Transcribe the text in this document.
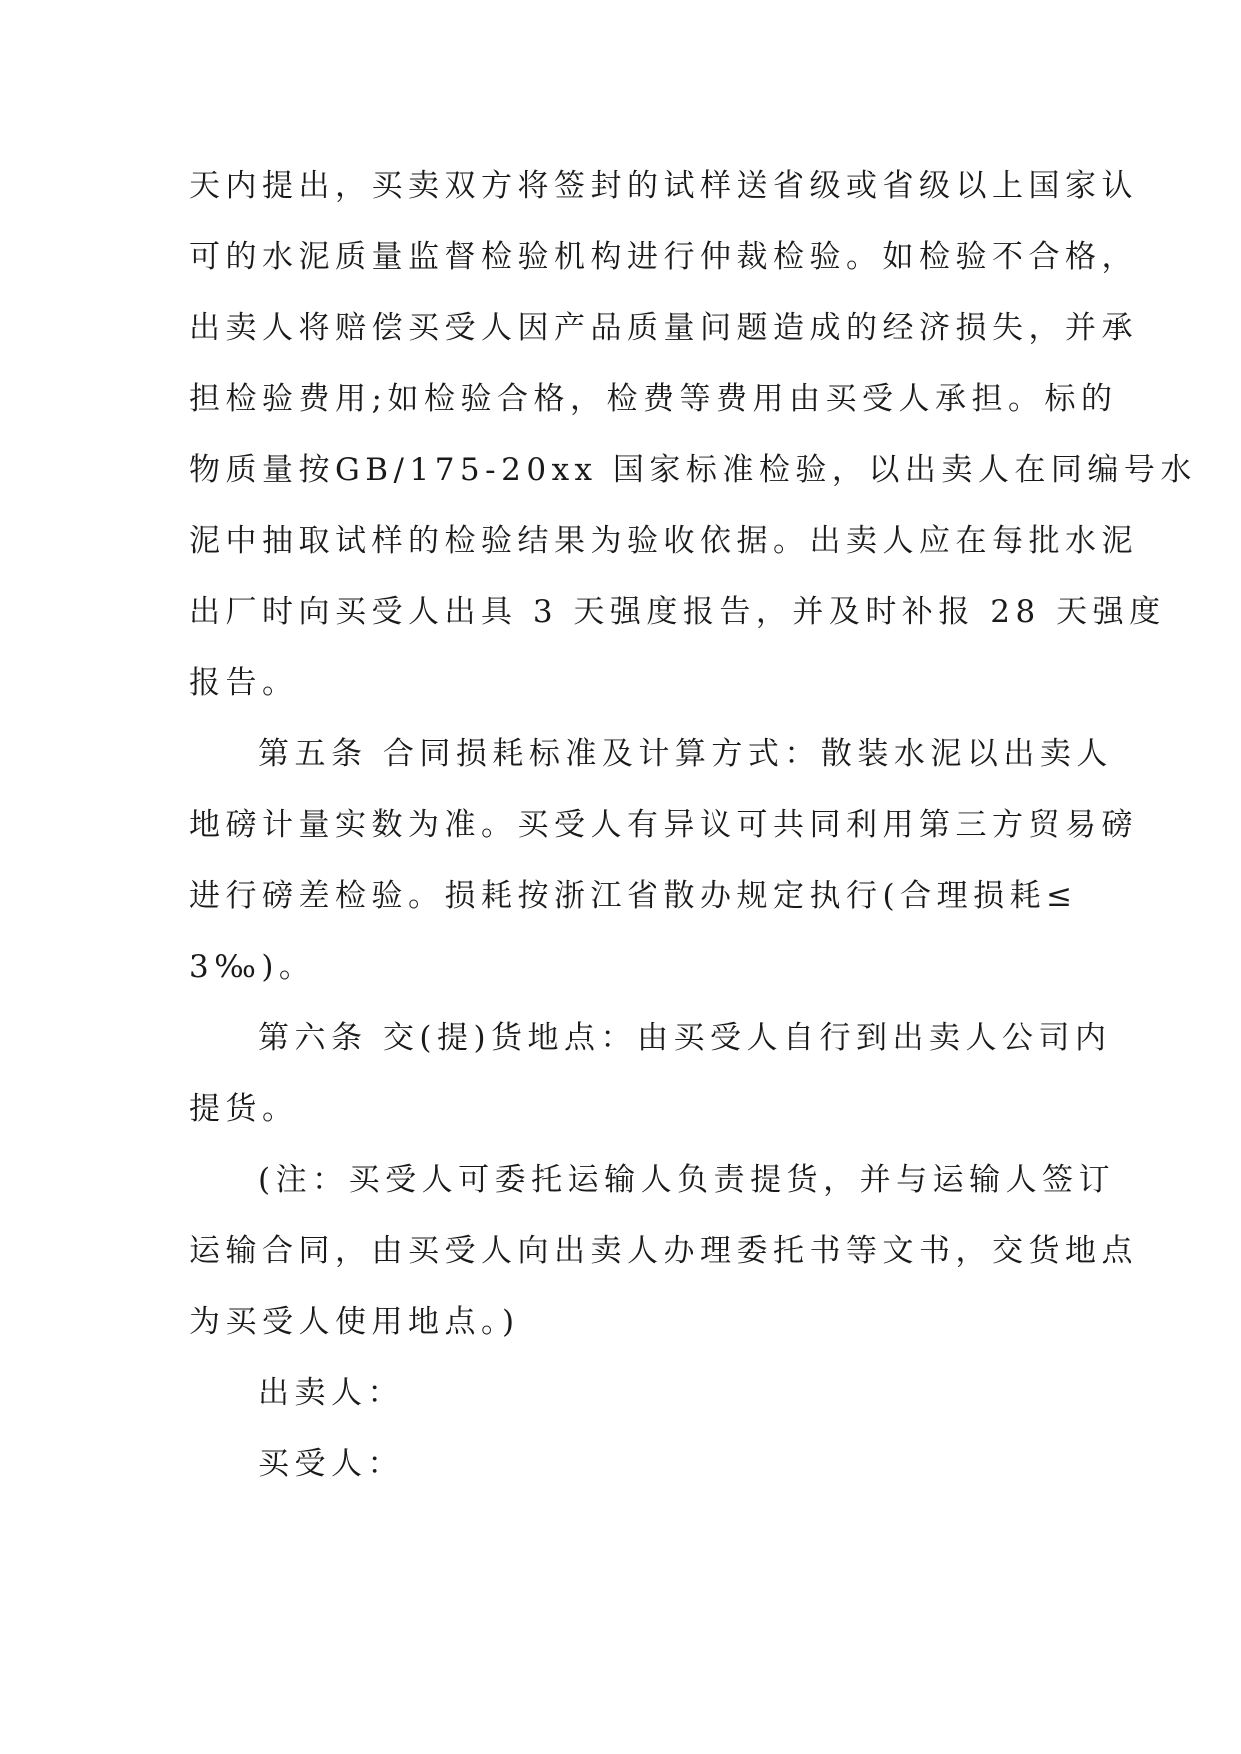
天内提出，买卖双方将签封的试样送省级或省级以上国家认
可的水泥质量监督检验机构进行仲裁检验。如检验不合格，
出卖人将赔偿买受人因产品质量问题造成的经济损失，并承
担检验费用;如检验合格，检费等费用由买受人承担。标的
物质量按GB/175-20xx 国家标准检验，以出卖人在同编号水
泥中抽取试样的检验结果为验收依据。出卖人应在每批水泥
出厂时向买受人出具 3 天强度报告，并及时补报 28 天强度
报告。
第五条 合同损耗标准及计算方式：散装水泥以出卖人
地磅计量实数为准。买受人有异议可共同利用第三方贸易磅
进行磅差检验。损耗按浙江省散办规定执行(合理损耗≤
3‰)。
第六条 交(提)货地点：由买受人自行到出卖人公司内
提货。
(注：买受人可委托运输人负责提货，并与运输人签订
运输合同，由买受人向出卖人办理委托书等文书，交货地点
为买受人使用地点。)
出卖人：
买受人：
